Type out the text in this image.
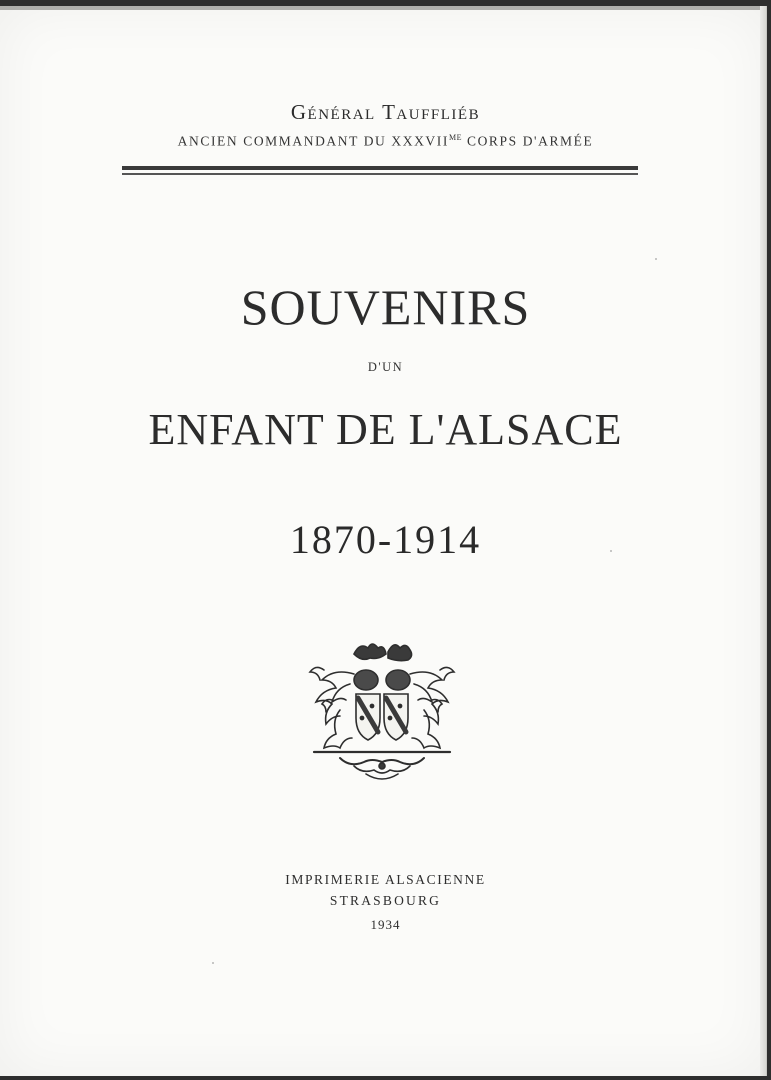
Général Tauffliéb
ANCIEN COMMANDANT DU $XXXVII^{ME}$ CORPS D'ARMÉE
SOUVENIRS
D'UN
ENFANT DE L'ALSACE
1870-1914
IMPRIMERIE ALSACIENNE
STRASBOURG
1934
